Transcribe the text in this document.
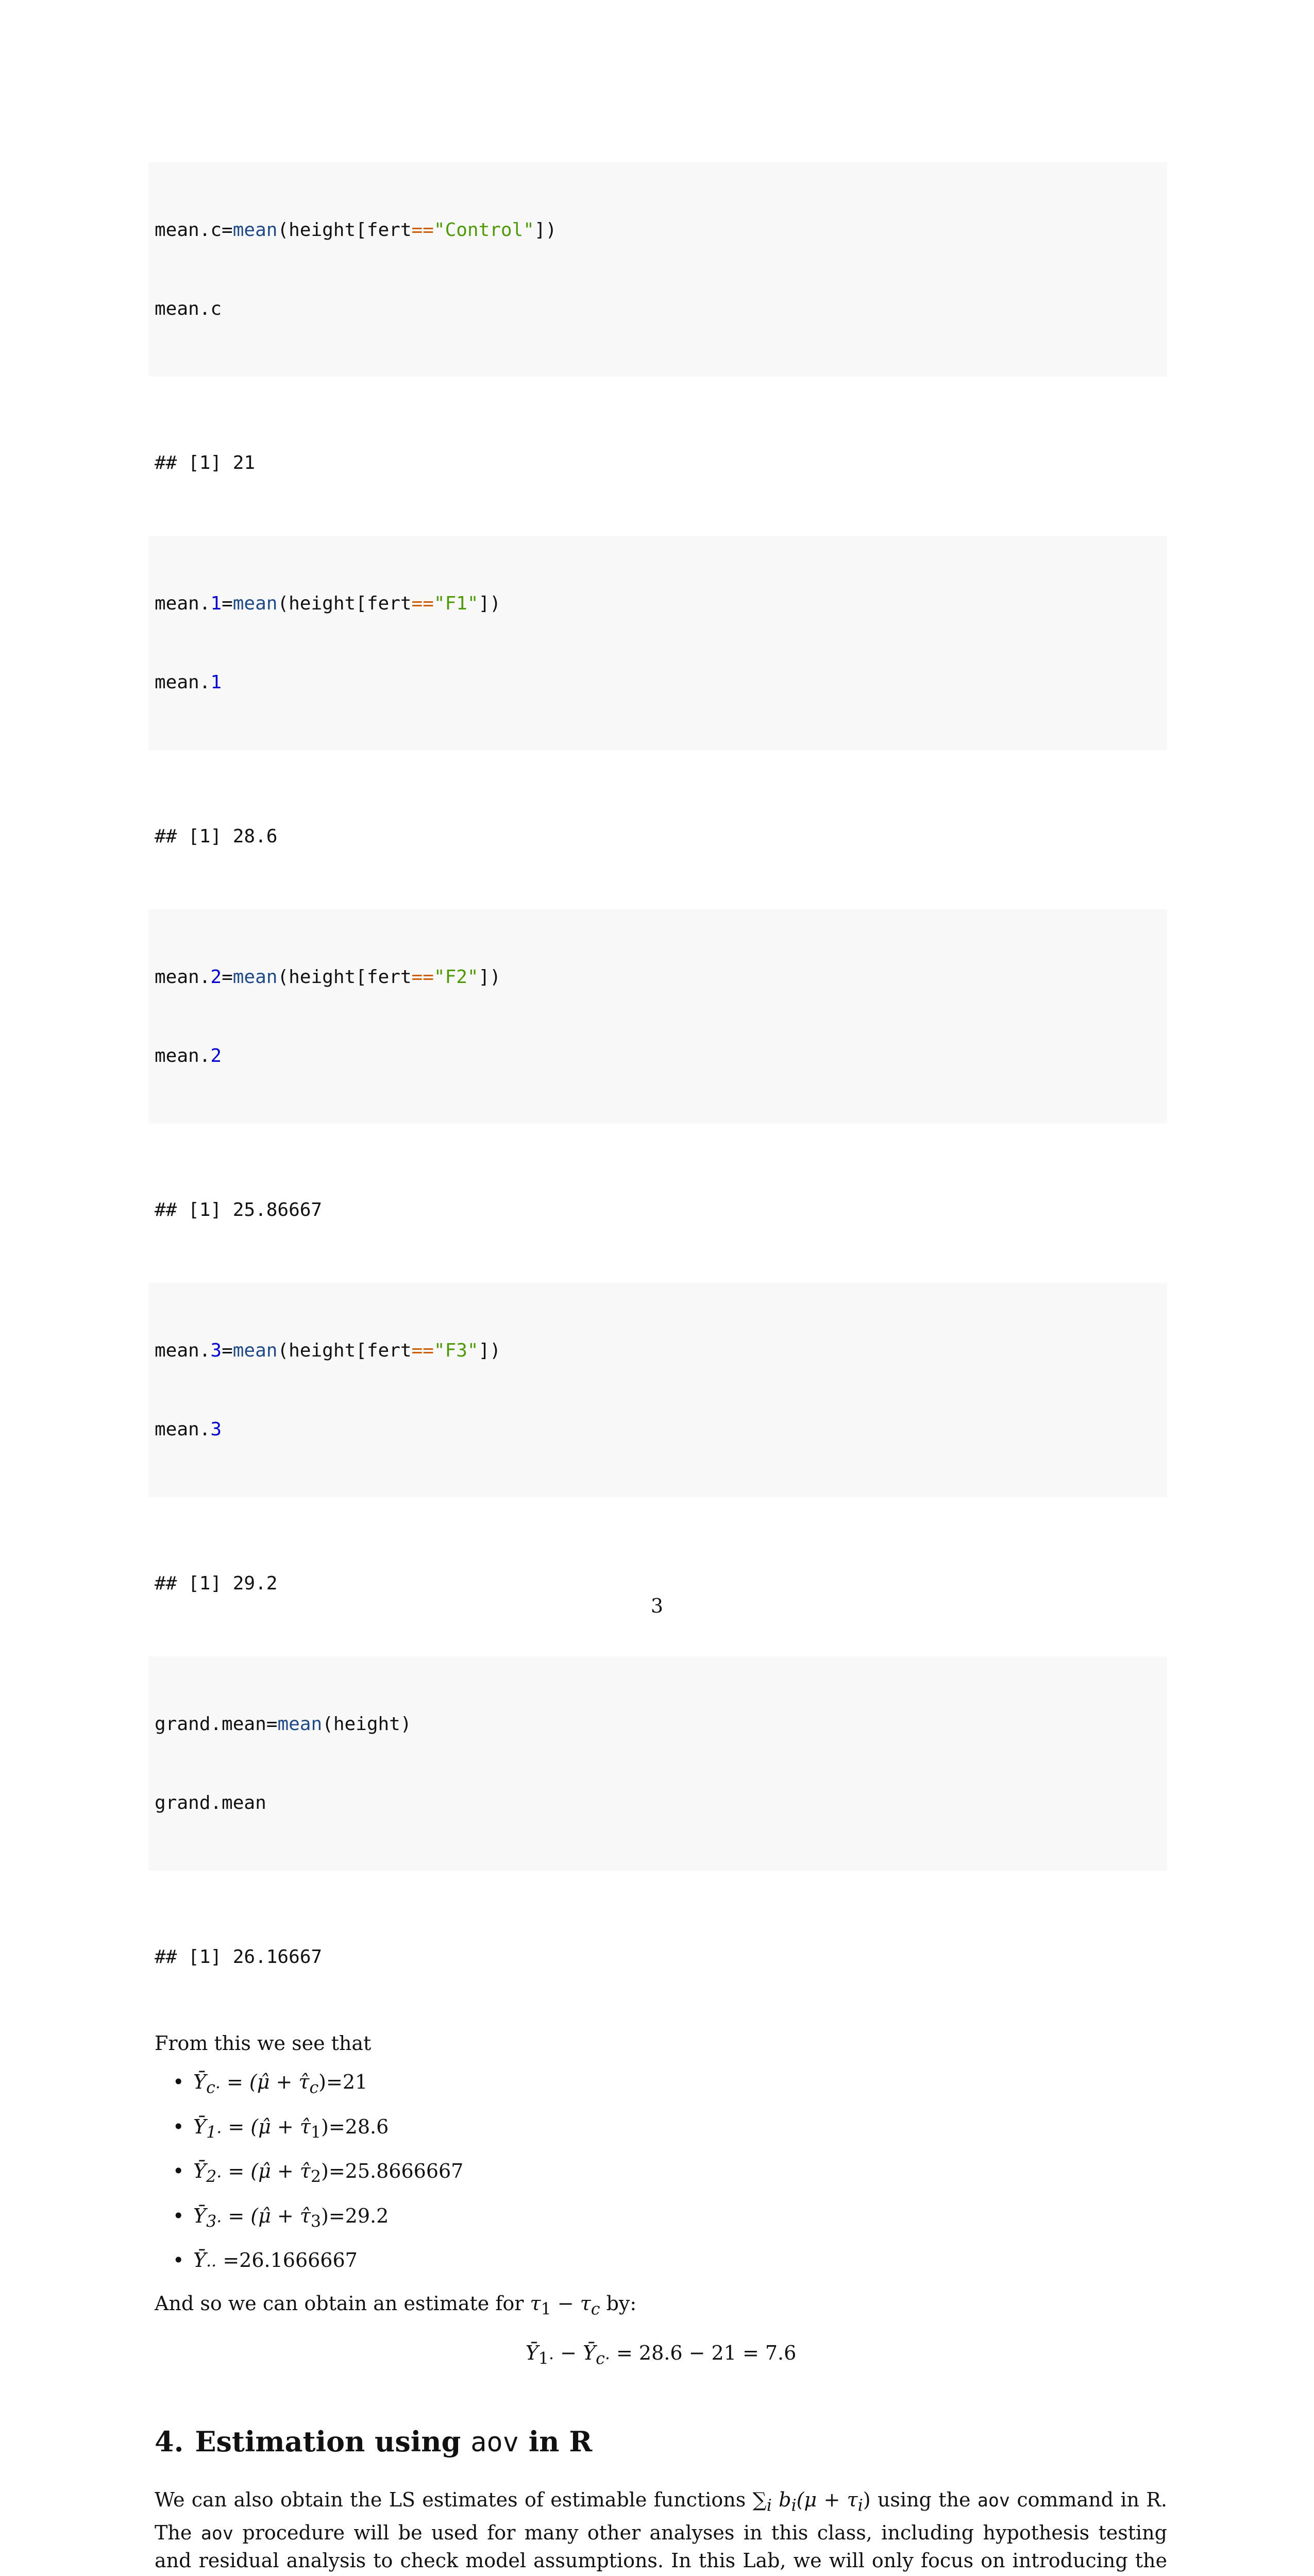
mean.c=mean(height[fert=="Control"])

mean.c

## [1] 21

mean.1=mean(height[fert=="F1"])

mean.1

## [1] 28.6

mean.2=mean(height[fert=="F2"])

mean.2

## [1] 25.86667

mean.3=mean(height[fert=="F3"])

mean.3

## [1] 29.2

grand.mean=mean(height)

grand.mean

## [1] 26.16667

From this we see that

• $Ȳ_{c\cdot}$ = (μ̂ + $\taû_c)=21$
• $Ȳ_{1\cdot}$ = (μ̂ + $\taû_1)=28.6$
• $Ȳ_{2\cdot}$ = (μ̂ + $\taû_2)=25.8666667$
• $Ȳ_{3\cdot}$ = (μ̂ + $\taû_3)=29.2$
• $Ȳ_{\cdot\cdot} =26.1666667$

And so we can obtain an estimate for $\tau_1 - \tau_c$ by:

$Ȳ_{1\cdot}$ − $Ȳ_{c\cdot} = 28.6 - 21 = 7.6$
4. Estimation using aov in R

We can also obtain the LS estimates of estimable functions $\sum_i$ $b_i(\mu + \tau_i)$ using the aov command in R. The aov procedure will be used for many other analyses in this class, including hypothesis testing and residual analysis to check model assumptions. In this Lab, we will only focus on introducing the

3
